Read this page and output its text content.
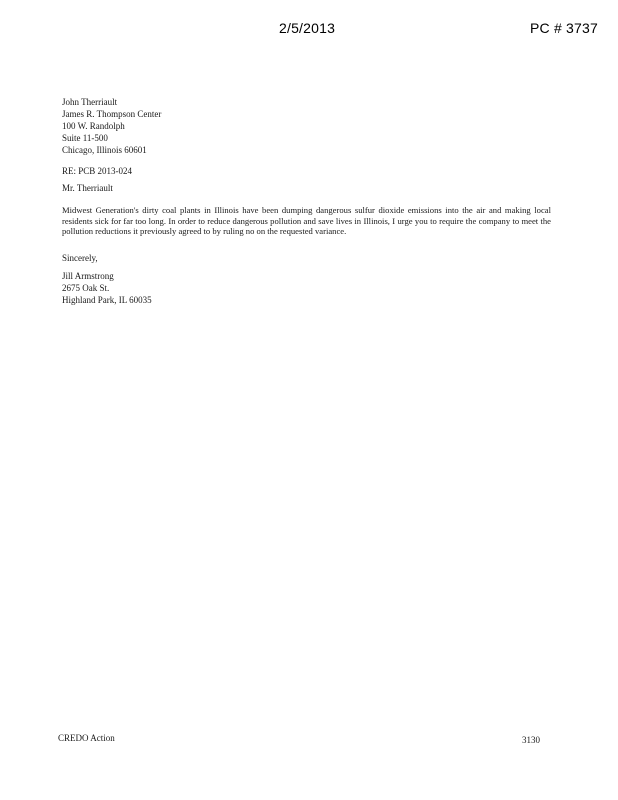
2/5/2013	PC # 3737
John Therriault
James R. Thompson Center
100 W. Randolph
Suite 11-500
Chicago, Illinois 60601
RE: PCB 2013-024
Mr. Therriault
Midwest Generation's dirty coal plants in Illinois have been dumping dangerous sulfur dioxide emissions into the air and making local residents sick for far too long. In order to reduce dangerous pollution and save lives in Illinois, I urge you to require the company to meet the pollution reductions it previously agreed to by ruling no on the requested variance.
Sincerely,
Jill Armstrong
2675 Oak St.
Highland Park, IL 60035
CREDO Action	3130
